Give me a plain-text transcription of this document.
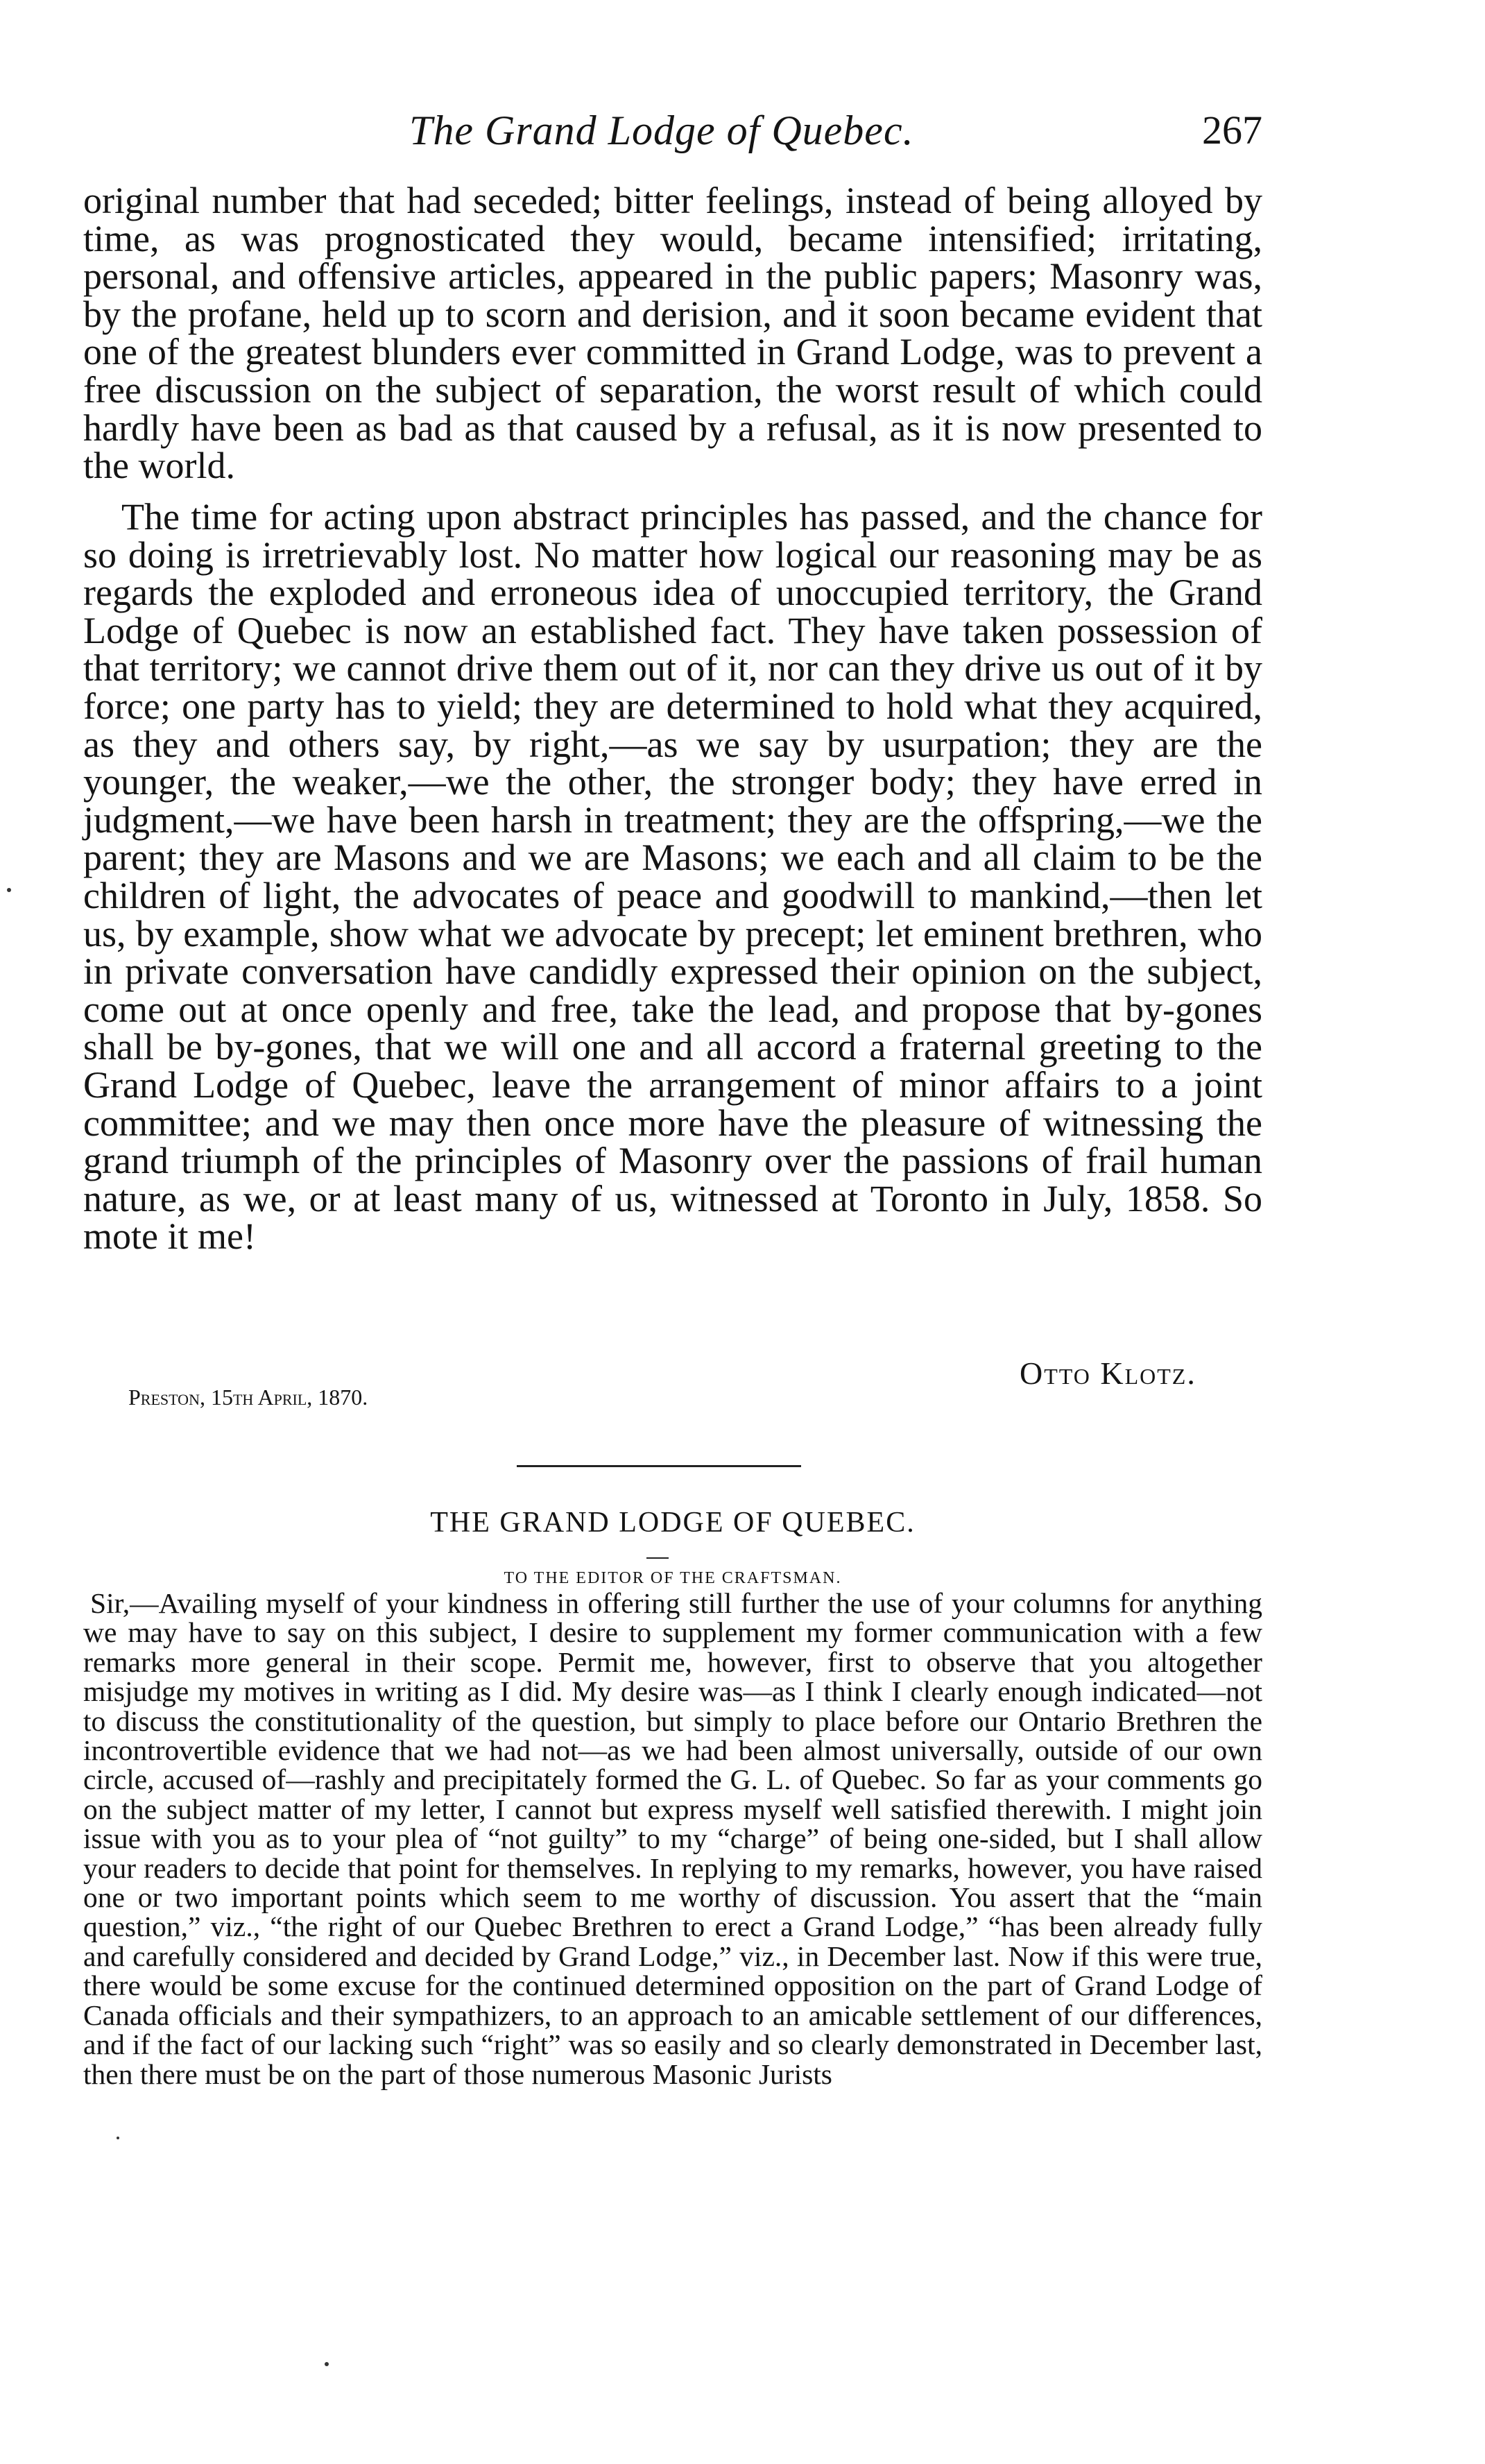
The Grand Lodge of Quebec.	267

original number that had seceded; bitter feelings, instead of being alloyed by time, as was prognosticated they would, became intensified; irritating, personal, and offensive articles, appeared in the public papers; Masonry was, by the profane, held up to scorn and derision, and it soon became evident that one of the greatest blunders ever committed in Grand Lodge, was to prevent a free discussion on the subject of separation, the worst result of which could hardly have been as bad as that caused by a refusal, as it is now presented to the world.

The time for acting upon abstract principles has passed, and the chance for so doing is irretrievably lost. No matter how logical our reasoning may be as regards the exploded and erroneous idea of unoccupied territory, the Grand Lodge of Quebec is now an established fact. They have taken possession of that territory; we cannot drive them out of it, nor can they drive us out of it by force; one party has to yield; they are determined to hold what they acquired, as they and others say, by right,—as we say by usurpation; they are the younger, the weaker,—we the other, the stronger body; they have erred in judgment,—we have been harsh in treatment; they are the offspring,—we the parent; they are Masons and we are Masons; we each and all claim to be the children of light, the advocates of peace and goodwill to mankind,—then let us, by example, show what we advocate by precept; let eminent brethren, who in private conversation have candidly expressed their opinion on the subject, come out at once openly and free, take the lead, and propose that by-gones shall be by-gones, that we will one and all accord a fraternal greeting to the Grand Lodge of Quebec, leave the arrangement of minor affairs to a joint committee; and we may then once more have the pleasure of witnessing the grand triumph of the principles of Masonry over the passions of frail human nature, as we, or at least many of us, witnessed at Toronto in July, 1858. So mote it me!

Otto Klotz.
Preston, 15th April, 1870.
THE GRAND LODGE OF QUEBEC.
TO THE EDITOR OF THE CRAFTSMAN.

Sir,—Availing myself of your kindness in offering still further the use of your columns for anything we may have to say on this subject, I desire to supplement my former communication with a few remarks more general in their scope. Permit me, however, first to observe that you altogether misjudge my motives in writing as I did. My desire was—as I think I clearly enough indicated—not to discuss the constitutionality of the question, but simply to place before our Ontario Brethren the incontrovertible evidence that we had not—as we had been almost universally, outside of our own circle, accused of—rashly and precipitately formed the G. L. of Quebec. So far as your comments go on the subject matter of my letter, I cannot but express myself well satisfied therewith. I might join issue with you as to your plea of “not guilty” to my “charge” of being one-sided, but I shall allow your readers to decide that point for themselves. In replying to my remarks, however, you have raised one or two important points which seem to me worthy of discussion. You assert that the “main question,” viz., “the right of our Quebec Brethren to erect a Grand Lodge,” “has been already fully and carefully considered and decided by Grand Lodge,” viz., in December last. Now if this were true, there would be some excuse for the continued determined opposition on the part of Grand Lodge of Canada officials and their sympathizers, to an approach to an amicable settlement of our differences, and if the fact of our lacking such “right” was so easily and so clearly demonstrated in December last, then there must be on the part of those numerous Masonic Jurists
